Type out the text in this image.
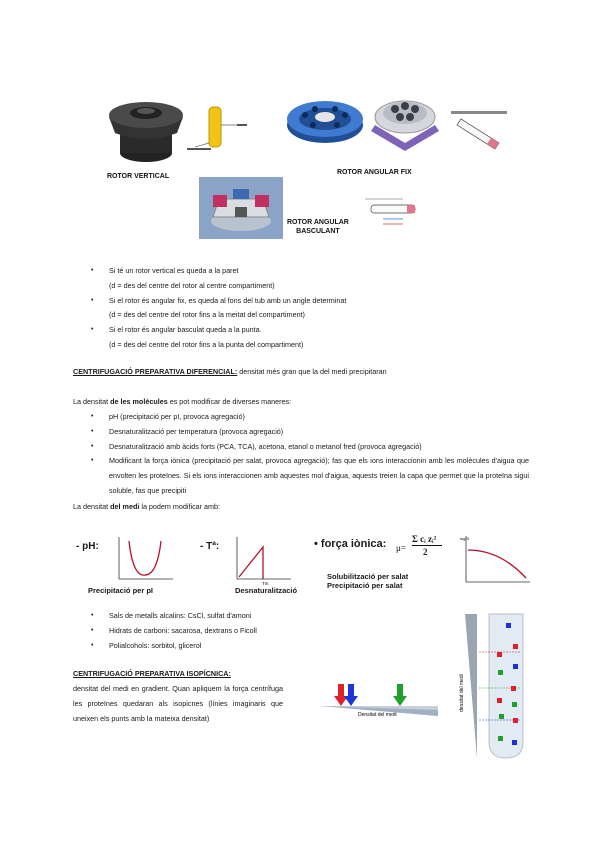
ROTOR VERTICAL
ROTOR ANGULAR FIX
ROTOR ANGULAR
BASCULANT
• Si té un rotor vertical es queda a la paret
(d = des del centre del rotor al centre compartiment)
• Si el rotor és angular fix, es queda al fons del tub amb un angle determinat
(d = des del centre del rotor fins a la meitat del compartiment)
• Si el rotor és angular basculat queda a la punta.
(d = des del centre del rotor fins a la punta del compartiment)
CENTRIFUGACIÓ PREPARATIVA DIFERENCIAL: densitat més gran que la del medi precipitaran
La densitat de les molècules es pot modificar de diverses maneres:
• pH (precipitació per pI, provoca agregació)
• Desnaturalització per temperatura (provoca agregació)
• Desnaturalització amb àcids forts (PCA, TCA), acetona, etanol o metanol fred (provoca agregació)
• Modificant la força iònica (precipitació per salat, provoca agregació); fas que els ions interaccionin amb les molècules d'aigua que envolten les proteïnes. Si els ions interaccionen amb aquestes mol d'aigua, aquests treien la capa que permet que la proteïna sigui soluble, fas que precipiti
La densitat del medi la podem modificar amb:
- pH:
Precipitació per pI
- Tª:
Tm
Desnaturalització
• força iònica: μ=
Σ cᵢ zᵢ²
2
Solubilització per salat
Precipitació per salat
log S
• Sals de metalls alcalins: CsCl, sulfat d'amoni
• Hidrats de carboni: sacarosa, dextrans o Ficoll
• Polialcohols: sorbitol, glicerol
CENTRIFUGACIÓ PREPARATIVA ISOPÍCNICA:
densitat del medi en gradient. Quan apliquem la força centrífuga les proteïnes quedaran als isopicnes (línies imaginaris que uneixen els punts amb la mateixa densitat)	Densitat del medi
densitat del medi
